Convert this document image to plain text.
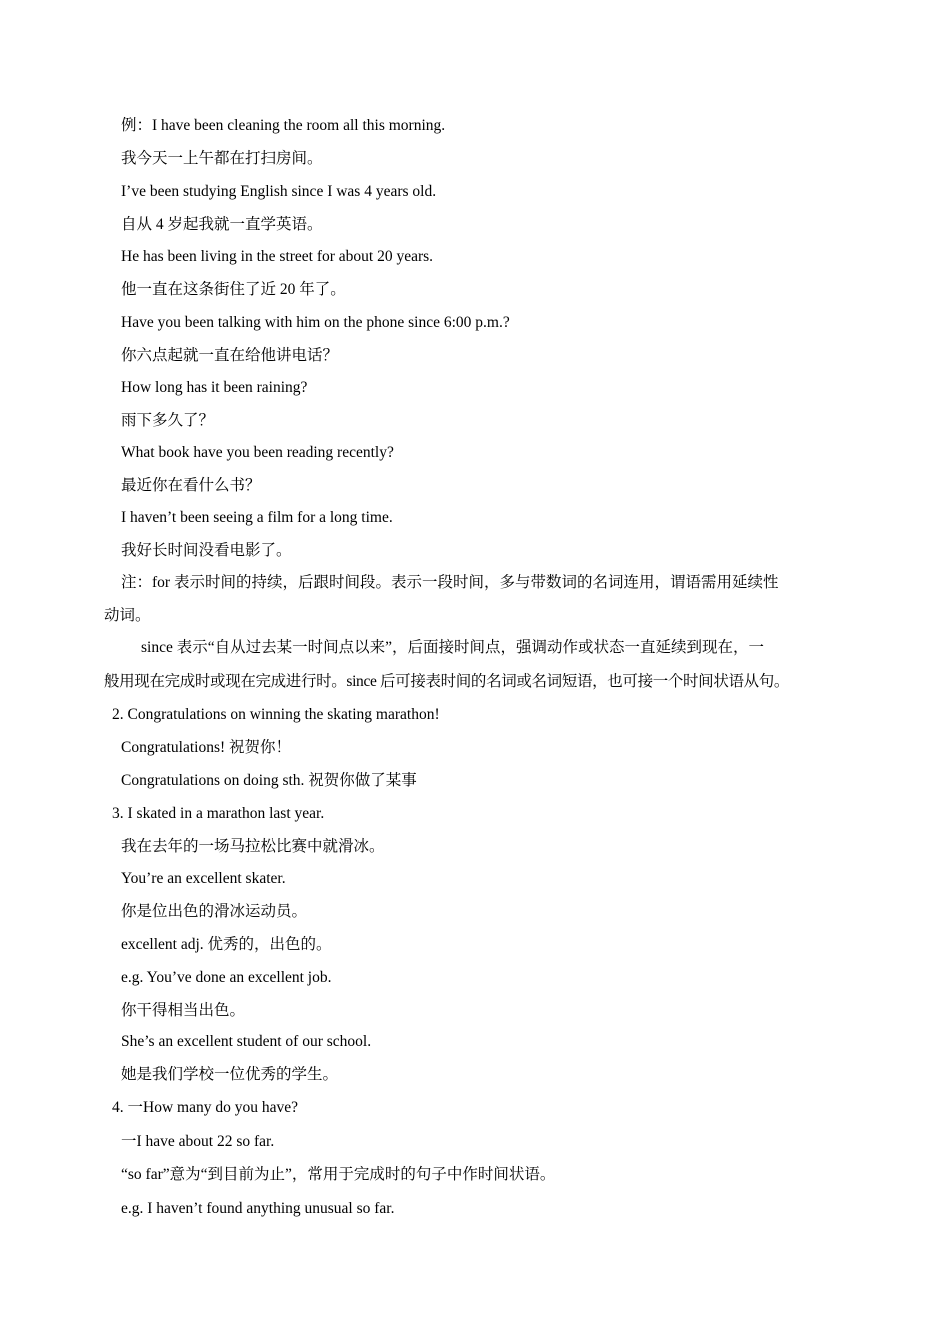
例：I have been cleaning the room all this morning.
我今天一上午都在打扫房间。
I’ve been studying English since I was 4 years old.
自从 4 岁起我就一直学英语。
He has been living in the street for about 20 years.
他一直在这条街住了近 20 年了。
Have you been talking with him on the phone since 6:00 p.m.?
你六点起就一直在给他讲电话？
How long has it been raining?
雨下多久了？
What book have you been reading recently?
最近你在看什么书？
I haven’t been seeing a film for a long time.
我好长时间没看电影了。
注：for 表示时间的持续，后跟时间段。表示一段时间，多与带数词的名词连用，谓语需用延续性
动词。
since 表示“自从过去某一时间点以来”，后面接时间点，强调动作或状态一直延续到现在，一
般用现在完成时或现在完成进行时。since 后可接表时间的名词或名词短语，也可接一个时间状语从句。
2. Congratulations on winning the skating marathon!
Congratulations! 祝贺你！
Congratulations on doing sth. 祝贺你做了某事
3. I skated in a marathon last year.
我在去年的一场马拉松比赛中就滑冰。
You’re an excellent skater.
你是位出色的滑冰运动员。
excellent adj. 优秀的，出色的。
e.g. You’ve done an excellent job.
你干得相当出色。
She’s an excellent student of our school.
她是我们学校一位优秀的学生。
4. 一How many do you have?
一I have about 22 so far.
“so far”意为“到目前为止”，常用于完成时的句子中作时间状语。
e.g. I haven’t found anything unusual so far.
